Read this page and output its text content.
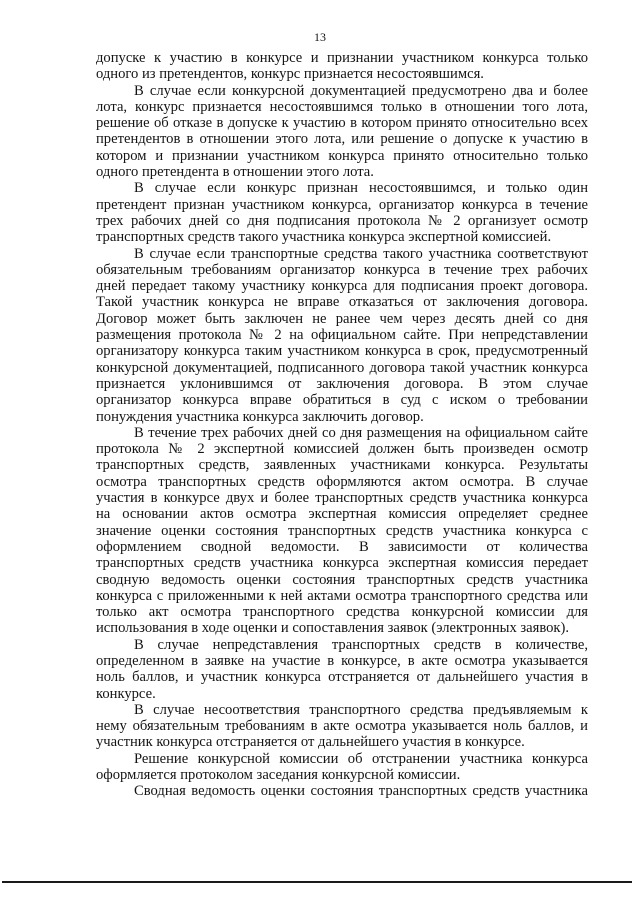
13
допуске к участию в конкурсе и признании участником конкурса только
одного из претендентов, конкурс признается несостоявшимся.
В случае если конкурсной документацией предусмотрено два и более
лота, конкурс признается несостоявшимся только в отношении того лота,
решение об отказе в допуске к участию в котором принято относительно всех
претендентов в отношении этого лота, или решение о допуске к участию в
котором и признании участником конкурса принято относительно только
одного претендента в отношении этого лота.
В случае если конкурс признан несостоявшимся, и только один
претендент признан участником конкурса, организатор конкурса в течение
трех рабочих дней со дня подписания протокола № 2 организует осмотр
транспортных средств такого участника конкурса экспертной комиссией.
В случае если транспортные средства такого участника соответствуют
обязательным требованиям организатор конкурса в течение трех рабочих
дней передает такому участнику конкурса для подписания проект договора.
Такой участник конкурса не вправе отказаться от заключения договора.
Договор может быть заключен не ранее чем через десять дней со дня
размещения протокола № 2 на официальном сайте. При непредставлении
организатору конкурса таким участником конкурса в срок, предусмотренный
конкурсной документацией, подписанного договора такой участник конкурса
признается уклонившимся от заключения договора. В этом случае
организатор конкурса вправе обратиться в суд с иском о требовании
понуждения участника конкурса заключить договор.
В течение трех рабочих дней со дня размещения на официальном сайте
протокола № 2 экспертной комиссией должен быть произведен осмотр
транспортных средств, заявленных участниками конкурса. Результаты
осмотра транспортных средств оформляются актом осмотра. В случае
участия в конкурсе двух и более транспортных средств участника конкурса
на основании актов осмотра экспертная комиссия определяет среднее
значение оценки состояния транспортных средств участника конкурса с
оформлением сводной ведомости. В зависимости от количества
транспортных средств участника конкурса экспертная комиссия передает
сводную ведомость оценки состояния транспортных средств участника
конкурса с приложенными к ней актами осмотра транспортного средства или
только акт осмотра транспортного средства конкурсной комиссии для
использования в ходе оценки и сопоставления заявок (электронных заявок).
В случае непредставления транспортных средств в количестве,
определенном в заявке на участие в конкурсе, в акте осмотра указывается
ноль баллов, и участник конкурса отстраняется от дальнейшего участия в
конкурсе.
В случае несоответствия транспортного средства предъявляемым к
нему обязательным требованиям в акте осмотра указывается ноль баллов, и
участник конкурса отстраняется от дальнейшего участия в конкурсе.
Решение конкурсной комиссии об отстранении участника конкурса
оформляется протоколом заседания конкурсной комиссии.
Сводная ведомость оценки состояния транспортных средств участника
